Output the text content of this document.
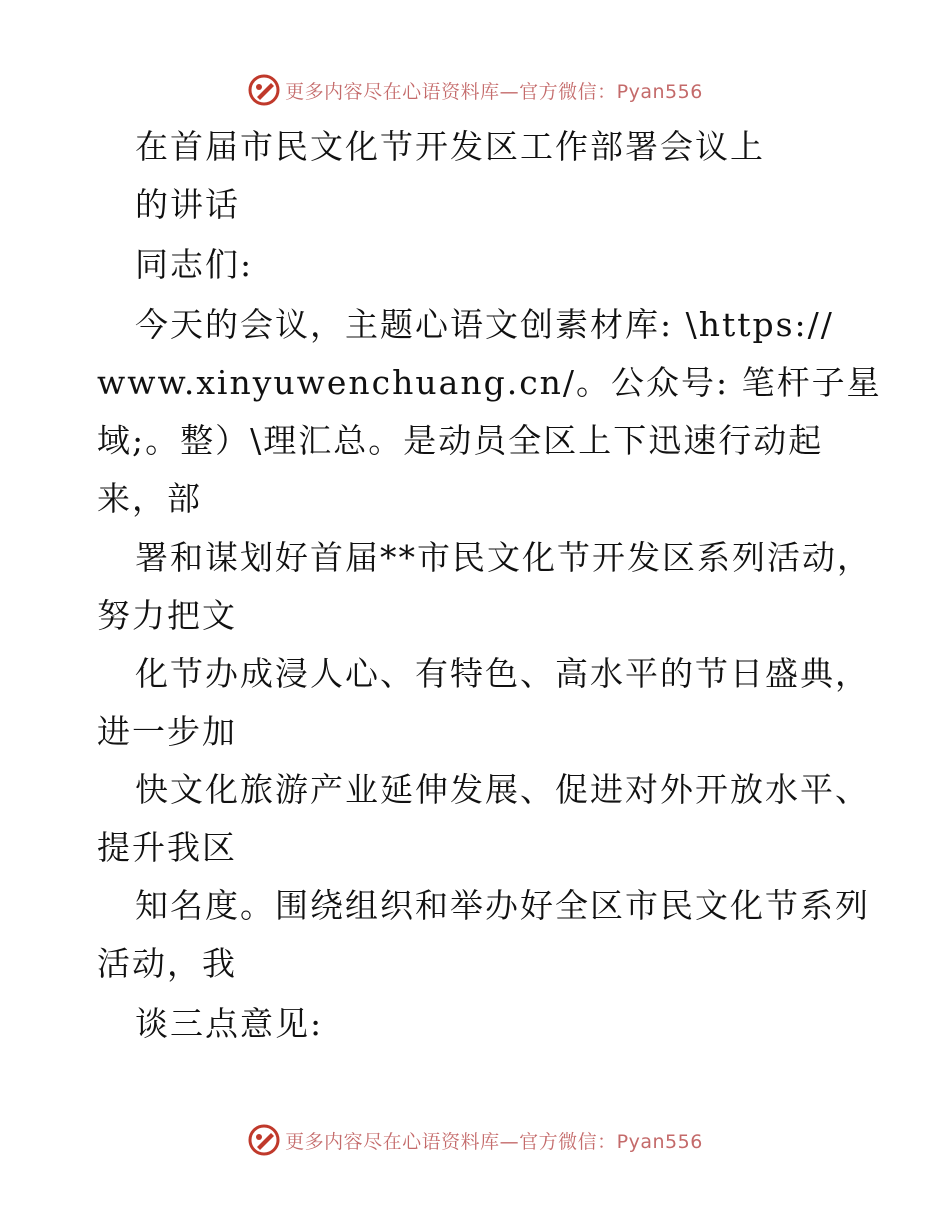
更多内容尽在心语资料库—官方微信：Pyan556
在首届市民文化节开发区工作部署会议上
的讲话
同志们:
今天的会议，主题心语文创素材库: \https://
www.xinyuwenchuang.cn/。公众号: 笔杆子星
域;。整）\理汇总。是动员全区上下迅速行动起
来，部
署和谋划好首届**市民文化节开发区系列活动，
努力把文
化节办成浸人心、有特色、高水平的节日盛典，
进一步加
快文化旅游产业延伸发展、促进对外开放水平、
提升我区
知名度。围绕组织和举办好全区市民文化节系列
活动，我
谈三点意见:
更多内容尽在心语资料库—官方微信：Pyan556
